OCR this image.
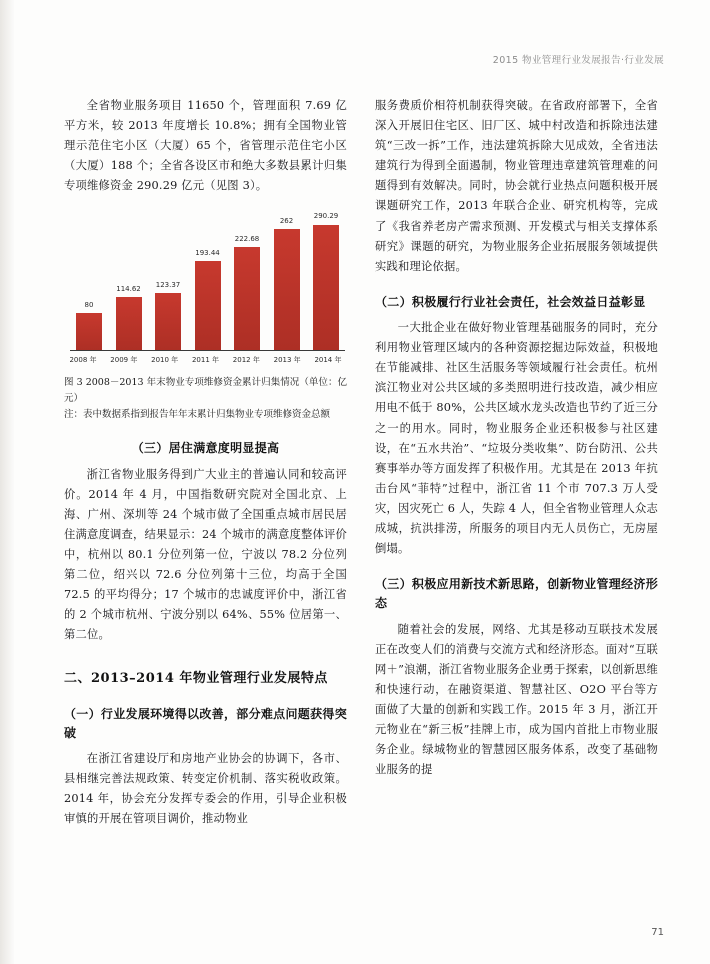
2015 物业管理行业发展报告·行业发展

全省物业服务项目 11650 个，管理面积 7.69 亿平方米，较 2013 年度增长 10.8%；拥有全国物业管理示范住宅小区（大厦）65 个，省管理示范住宅小区（大厦）188 个；全省各设区市和绝大多数县累计归集专项维修资金 290.29 亿元（见图 3）。

80
114.62 123.37
193.44
222.68
262
290.29
2008 年 2009 年 2010 年 2011 年 2012 年 2013 年 2014 年
图 3 2008－2013 年末物业专项维修资金累计归集情况（单位：亿元）
注：表中数据系指到报告年年末累计归集物业专项维修资金总额
（三）居住满意度明显提高

浙江省物业服务得到广大业主的普遍认同和较高评价。2014 年 4 月，中国指数研究院对全国北京、上海、广州、深圳等 24 个城市做了全国重点城市居民居住满意度调查，结果显示：24 个城市的满意度整体评价中，杭州以 80.1 分位列第一位，宁波以 78.2 分位列第二位，绍兴以 72.6 分位列第十三位，均高于全国 72.5 的平均得分；17 个城市的忠诚度评价中，浙江省的 2 个城市杭州、宁波分别以 64%、55% 位居第一、第二位。

二、2013–2014 年物业管理行业发展特点
（一）行业发展环境得以改善，部分难点问题获得突破

在浙江省建设厅和房地产业协会的协调下，各市、县相继完善法规政策、转变定价机制、落实税收政策。2014 年，协会充分发挥专委会的作用，引导企业积极审慎的开展在管项目调价，推动物业

服务费质价相符机制获得突破。在省政府部署下，全省深入开展旧住宅区、旧厂区、城中村改造和拆除违法建筑“三改一拆”工作，违法建筑拆除大见成效，全省违法建筑行为得到全面遏制，物业管理违章建筑管理难的问题得到有效解决。同时，协会就行业热点问题积极开展课题研究工作，2013 年联合企业、研究机构等，完成了《我省养老房产需求预测、开发模式与相关支撑体系研究》课题的研究，为物业服务企业拓展服务领域提供实践和理论依据。

（二）积极履行行业社会责任，社会效益日益彰显

一大批企业在做好物业管理基础服务的同时，充分利用物业管理区域内的各种资源挖掘边际效益，积极地在节能减排、社区生活服务等领域履行社会责任。杭州滨江物业对公共区域的多类照明进行技改造，减少相应用电不低于 80%，公共区域水龙头改造也节约了近三分之一的用水。同时，物业服务企业还积极参与社区建设，在“五水共治”、“垃圾分类收集”、防台防汛、公共赛事举办等方面发挥了积极作用。尤其是在 2013 年抗击台风“菲特”过程中，浙江省 11 个市 707.3 万人受灾，因灾死亡 6 人，失踪 4 人，但全省物业管理人众志成城，抗洪排涝，所服务的项目内无人员伤亡，无房屋倒塌。

（三）积极应用新技术新思路，创新物业管理经济形态

随着社会的发展，网络、尤其是移动互联技术发展正在改变人们的消费与交流方式和经济形态。面对“互联网＋”浪潮，浙江省物业服务企业勇于探索，以创新思维和快速行动，在融资渠道、智慧社区、O2O 平台等方面做了大量的创新和实践工作。2015 年 3 月，浙江开元物业在“新三板”挂牌上市，成为国内首批上市物业服务企业。绿城物业的智慧园区服务体系，改变了基础物业服务的提

71
